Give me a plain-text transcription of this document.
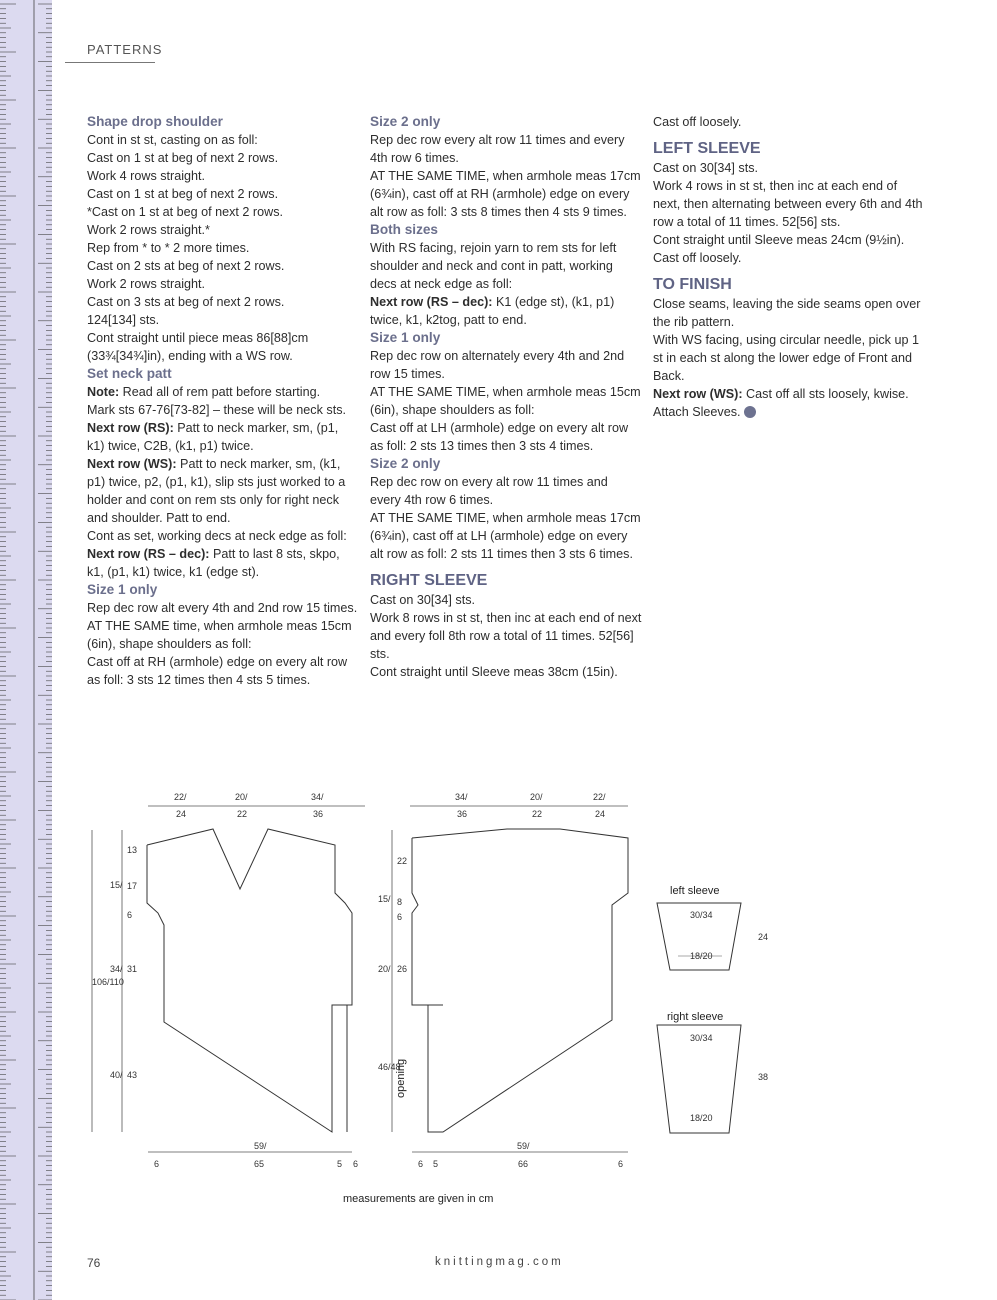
PATTERNS

Shape drop shoulder

Cont in st st, casting on as foll:

Cast on 1 st at beg of next 2 rows.

Work 4 rows straight.

Cast on 1 st at beg of next 2 rows.

*Cast on 1 st at beg of next 2 rows.

Work 2 rows straight.*

Rep from * to * 2 more times.

Cast on 2 sts at beg of next 2 rows.

Work 2 rows straight.

Cast on 3 sts at beg of next 2 rows.

124[134] sts.

Cont straight until piece meas 86[88]cm (33¾[34¾]in), ending with a WS row.

Set neck patt

Note: Read all of rem patt before starting.

Mark sts 67-76[73-82] – these will be neck sts.

Next row (RS): Patt to neck marker, sm, (p1, k1) twice, C2B, (k1, p1) twice.

Next row (WS): Patt to neck marker, sm, (k1, p1) twice, p2, (p1, k1), slip sts just worked to a holder and cont on rem sts only for right neck and shoulder. Patt to end.

Cont as set, working decs at neck edge as foll:

Next row (RS – dec): Patt to last 8 sts, skpo, k1, (p1, k1) twice, k1 (edge st).

Size 1 only

Rep dec row alt every 4th and 2nd row 15 times.

AT THE SAME time, when armhole meas 15cm (6in), shape shoulders as foll:

Cast off at RH (armhole) edge on every alt row as foll: 3 sts 12 times then 4 sts 5 times.

Size 2 only

Rep dec row every alt row 11 times and every 4th row 6 times.

AT THE SAME TIME, when armhole meas 17cm (6¾in), cast off at RH (armhole) edge on every alt row as foll: 3 sts 8 times then 4 sts 9 times.

Both sizes

With RS facing, rejoin yarn to rem sts for left shoulder and neck and cont in patt, working decs at neck edge as foll:

Next row (RS – dec): K1 (edge st), (k1, p1) twice, k1, k2tog, patt to end.

Size 1 only

Rep dec row on alternately every 4th and 2nd row 15 times.

AT THE SAME TIME, when armhole meas 15cm (6in), shape shoulders as foll:

Cast off at LH (armhole) edge on every alt row as foll: 2 sts 13 times then 3 sts 4 times.

Size 2 only

Rep dec row on every alt row 11 times and every 4th row 6 times.

AT THE SAME TIME, when armhole meas 17cm (6¾in), cast off at LH (armhole) edge on every alt row as foll: 2 sts 11 times then 3 sts 6 times.

RIGHT SLEEVE

Cast on 30[34] sts.

Work 8 rows in st st, then inc at each end of next and every foll 8th row a total of 11 times. 52[56] sts.

Cont straight until Sleeve meas 38cm (15in).

Cast off loosely.

LEFT SLEEVE

Cast on 30[34] sts.

Work 4 rows in st st, then inc at each end of next, then alternating between every 6th and 4th row a total of 11 times. 52[56] sts.

Cont straight until Sleeve meas 24cm (9½in).

Cast off loosely.

TO FINISH

Close seams, leaving the side seams open over the rib pattern.

With WS facing, using circular needle, pick up 1 st in each st along the lower edge of Front and Back.

Next row (WS): Cast off all sts loosely, kwise.

Attach Sleeves.

22/
24
20/
22
34/
36
13
17
15/
6
34/ 31
106/110
40/ 43
59/
6	65	5 6
34/
36
20/
22
22/
24
22
8
15/
6
20/ 26
46/48
opening
59/
6 5	66	6
left sleeve
30/34
18/20
24
right sleeve
30/34
18/20
38
measurements are given in cm
76	knittingmag.com
